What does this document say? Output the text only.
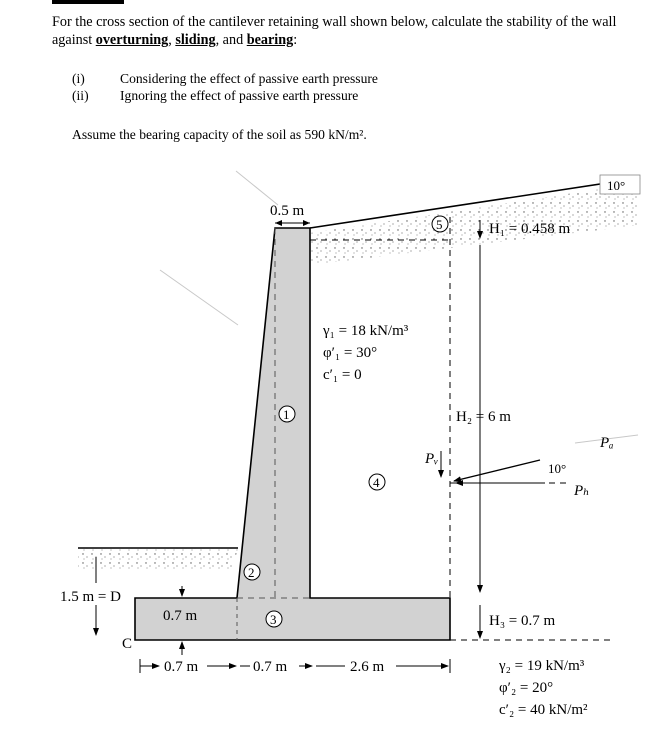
For the cross section of the cantilever retaining wall shown below, calculate the stability of the wall against overturning, sliding, and bearing:
(i)	Considering the effect of passive earth pressure
(ii)	Ignoring the effect of passive earth pressure
Assume the bearing capacity of the soil as 590 kN/m².
H₁ = 0.458 m
H₂ = 6 m
H₃ = 0.7 m
0.5 m
10°
γ₁ = 18 kN/m³
φ′₁ = 30°
c′₁ = 0
Pₐ
Pₕ
Pᵥ
10°
1
2
3
4
5
1.5 m = D
0.7 m
C
0.7 m	0.7 m	2.6 m	γ₂ = 19 kN/m³
φ′₂ = 20°
c′₂ = 40 kN/m²
